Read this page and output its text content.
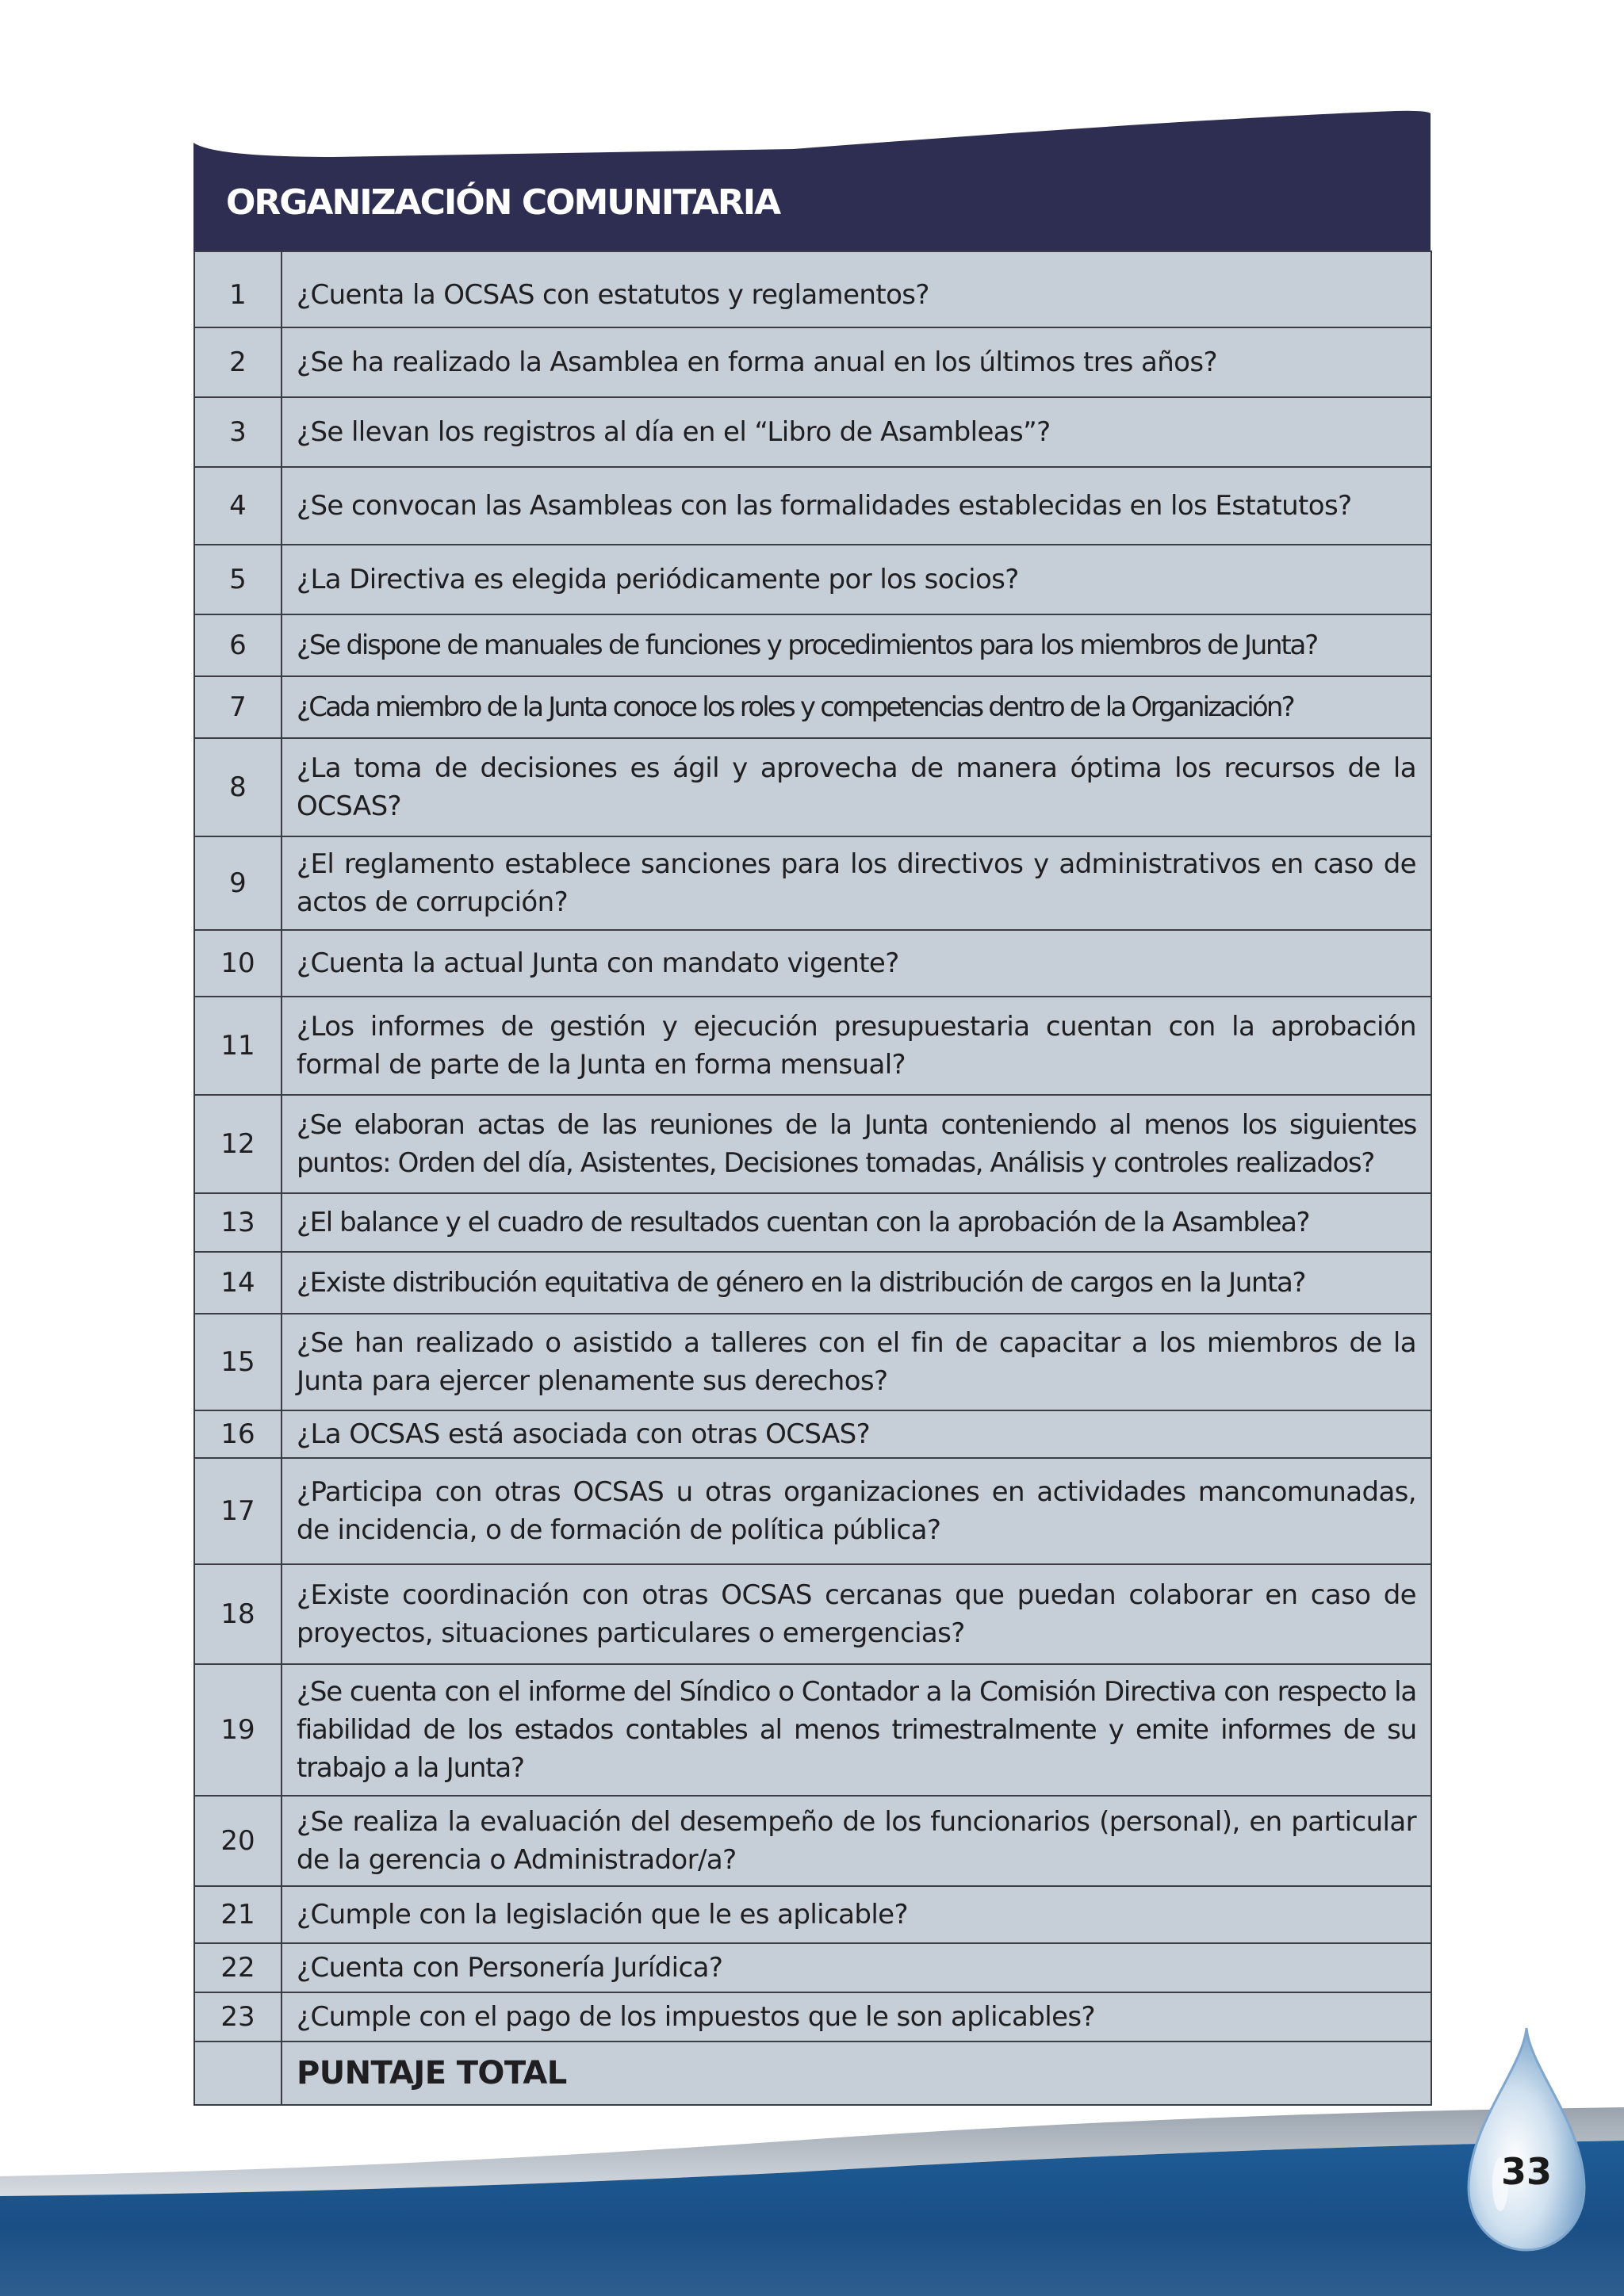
ORGANIZACIÓN COMUNITARIA
1	¿Cuenta la OCSAS con estatutos y reglamentos?
2	¿Se ha realizado la Asamblea en forma anual en los últimos tres años?
3	¿Se llevan los registros al día en el “Libro de Asambleas”?
4	¿Se convocan las Asambleas con las formalidades establecidas en los Estatutos?
5	¿La Directiva es elegida periódicamente por los socios?
6	¿Se dispone de manuales de funciones y procedimientos para los miembros de Junta?
7	¿Cada miembro de la Junta conoce los roles y competencias dentro de la Organización?
8	¿La toma de decisiones es ágil y aprovecha de manera óptima los recursos de la OCSAS?
9	¿El reglamento establece sanciones para los directivos y administrativos en caso de actos de corrupción?
10	¿Cuenta la actual Junta con mandato vigente?
11	¿Los informes de gestión y ejecución presupuestaria cuentan con la aprobación formal de parte de la Junta en forma mensual?
12	¿Se elaboran actas de las reuniones de la Junta conteniendo al menos los siguientes puntos: Orden del día, Asistentes, Decisiones tomadas, Análisis y controles realizados?
13	¿El balance y el cuadro de resultados cuentan con la aprobación de la Asamblea?
14	¿Existe distribución equitativa de género en la distribución de cargos en la Junta?
15	¿Se han realizado o asistido a talleres con el fin de capacitar a los miembros de la Junta para ejercer plenamente sus derechos?
16	¿La OCSAS está asociada con otras OCSAS?
17	¿Participa con otras OCSAS u otras organizaciones en actividades mancomunadas, de incidencia, o de formación de política pública?
18	¿Existe coordinación con otras OCSAS cercanas que puedan colaborar en caso de proyectos, situaciones particulares o emergencias?
19	¿Se cuenta con el informe del Síndico o Contador a la Comisión Directiva con respecto la fiabilidad de los estados contables al menos trimestralmente y emite informes de su trabajo a la Junta?
20	¿Se realiza la evaluación del desempeño de los funcionarios (personal), en particular de la gerencia o Administrador/a?
21	¿Cumple con la legislación que le es aplicable?
22	¿Cuenta con Personería Jurídica?
23	¿Cumple con el pago de los impuestos que le son aplicables?
	PUNTAJE TOTAL
33
